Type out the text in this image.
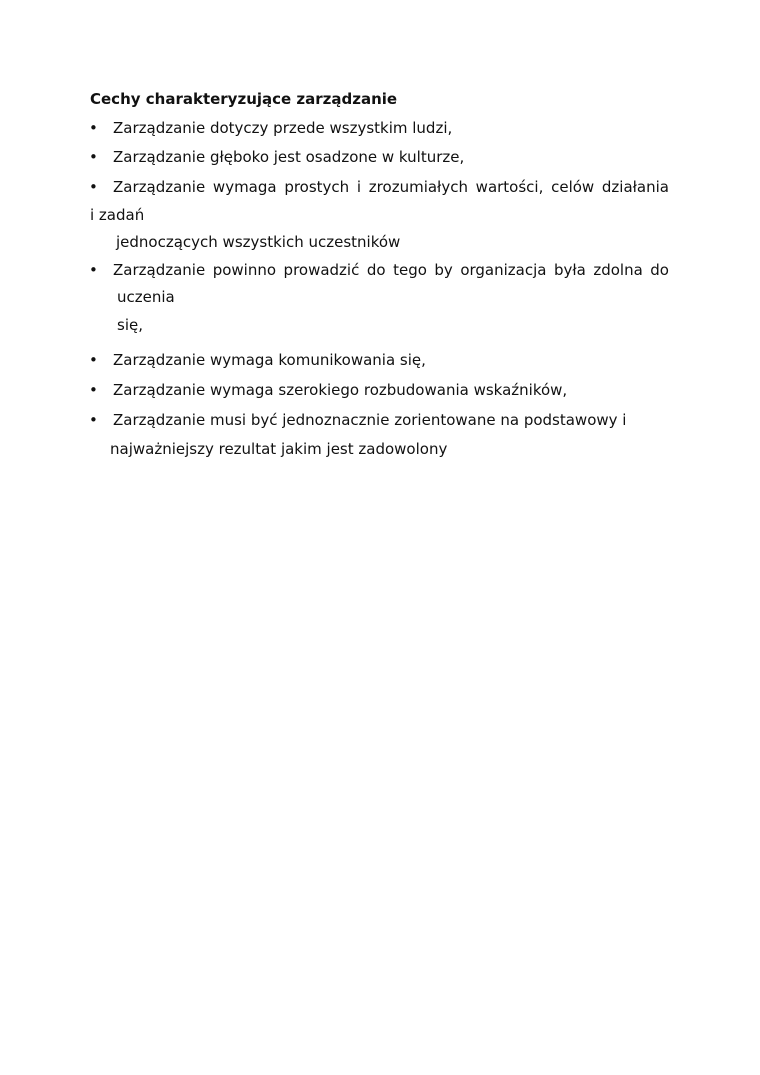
Cechy charakteryzujące zarządzanie
• Zarządzanie dotyczy przede wszystkim ludzi,
• Zarządzanie głęboko jest osadzone w kulturze,
• Zarządzanie wymaga prostych i zrozumiałych wartości, celów działania
i zadań
jednoczących wszystkich uczestników
• Zarządzanie powinno prowadzić do tego by organizacja była zdolna do
uczenia
się,
• Zarządzanie wymaga komunikowania się,
• Zarządzanie wymaga szerokiego rozbudowania wskaźników,
• Zarządzanie musi być jednoznacznie zorientowane na podstawowy i
najważniejszy rezultat jakim jest zadowolony
